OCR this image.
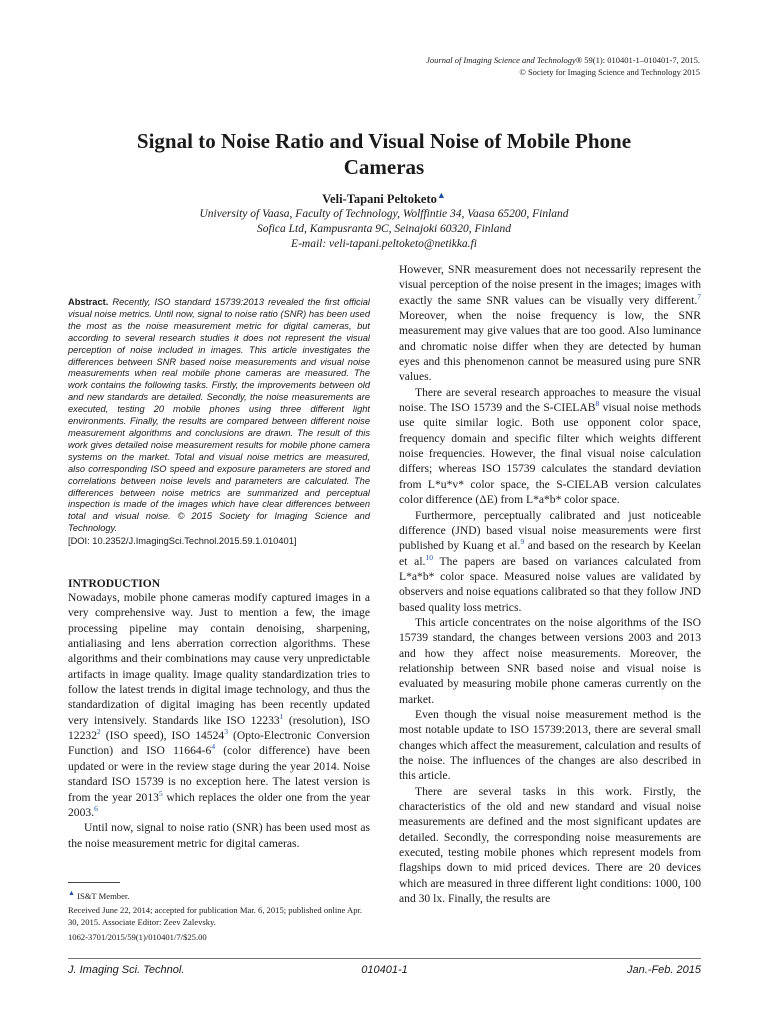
Journal of Imaging Science and Technology® 59(1): 010401-1–010401-7, 2015.
© Society for Imaging Science and Technology 2015
Signal to Noise Ratio and Visual Noise of Mobile Phone Cameras
Veli-Tapani Peltoketo▲
University of Vaasa, Faculty of Technology, Wolffintie 34, Vaasa 65200, Finland
Sofica Ltd, Kampusranta 9C, Seinajoki 60320, Finland
E-mail: veli-tapani.peltoketo@netikka.fi
Abstract. Recently, ISO standard 15739:2013 revealed the first official visual noise metrics. Until now, signal to noise ratio (SNR) has been used the most as the noise measurement metric for digital cameras, but according to several research studies it does not represent the visual perception of noise included in images. This article investigates the differences between SNR based noise measurements and visual noise measurements when real mobile phone cameras are measured. The work contains the following tasks. Firstly, the improvements between old and new standards are detailed. Secondly, the noise measurements are executed, testing 20 mobile phones using three different light environments. Finally, the results are compared between different noise measurement algorithms and conclusions are drawn. The result of this work gives detailed noise measurement results for mobile phone camera systems on the market. Total and visual noise metrics are measured, also corresponding ISO speed and exposure parameters are stored and correlations between noise levels and parameters are calculated. The differences between noise metrics are summarized and perceptual inspection is made of the images which have clear differences between total and visual noise. © 2015 Society for Imaging Science and Technology.
[DOI: 10.2352/J.ImagingSci.Technol.2015.59.1.010401]
INTRODUCTION

Nowadays, mobile phone cameras modify captured images in a very comprehensive way. Just to mention a few, the image processing pipeline may contain denoising, sharpening, antialiasing and lens aberration correction algorithms. These algorithms and their combinations may cause very unpredictable artifacts in image quality. Image quality standardization tries to follow the latest trends in digital image technology, and thus the standardization of digital imaging has been recently updated very intensively. Standards like ISO 12233$^1$ (resolution), ISO 12232$^2$ (ISO speed), ISO 14524$^3$ (Opto-Electronic Conversion Function) and ISO 11664-6$^4$ (color difference) have been updated or were in the review stage during the year 2014. Noise standard ISO 15739 is no exception here. The latest version is from the year 2013$^5$ which replaces the older one from the year 2003.$^6$

Until now, signal to noise ratio (SNR) has been used most as the noise measurement metric for digital cameras.

▲ IS&T Member.
Received June 22, 2014; accepted for publication Mar. 6, 2015; published online Apr. 30, 2015. Associate Editor: Zeev Zalevsky.
1062-3701/2015/59(1)/010401/7/$25.00

However, SNR measurement does not necessarily represent the visual perception of the noise present in the images; images with exactly the same SNR values can be visually very different.$^7$ Moreover, when the noise frequency is low, the SNR measurement may give values that are too good. Also luminance and chromatic noise differ when they are detected by human eyes and this phenomenon cannot be measured using pure SNR values.

There are several research approaches to measure the visual noise. The ISO 15739 and the S-CIELAB$^8$ visual noise methods use quite similar logic. Both use opponent color space, frequency domain and specific filter which weights different noise frequencies. However, the final visual noise calculation differs; whereas ISO 15739 calculates the standard deviation from L*u*v* color space, the S-CIELAB version calculates color difference (ΔE) from L*a*b* color space.

Furthermore, perceptually calibrated and just noticeable difference (JND) based visual noise measurements were first published by Kuang et al.$^9$ and based on the research by Keelan et al.$^{10}$ The papers are based on variances calculated from L*a*b* color space. Measured noise values are validated by observers and noise equations calibrated so that they follow JND based quality loss metrics.

This article concentrates on the noise algorithms of the ISO 15739 standard, the changes between versions 2003 and 2013 and how they affect noise measurements. Moreover, the relationship between SNR based noise and visual noise is evaluated by measuring mobile phone cameras currently on the market.

Even though the visual noise measurement method is the most notable update to ISO 15739:2013, there are several small changes which affect the measurement, calculation and results of the noise. The influences of the changes are also described in this article.

There are several tasks in this work. Firstly, the characteristics of the old and new standard and visual noise measurements are defined and the most significant updates are detailed. Secondly, the corresponding noise measurements are executed, testing mobile phones which represent models from flagships down to mid priced devices. There are 20 devices which are measured in three different light conditions: 1000, 100 and 30 lx. Finally, the results are

J. Imaging Sci. Technol.	010401-1	Jan.-Feb. 2015
